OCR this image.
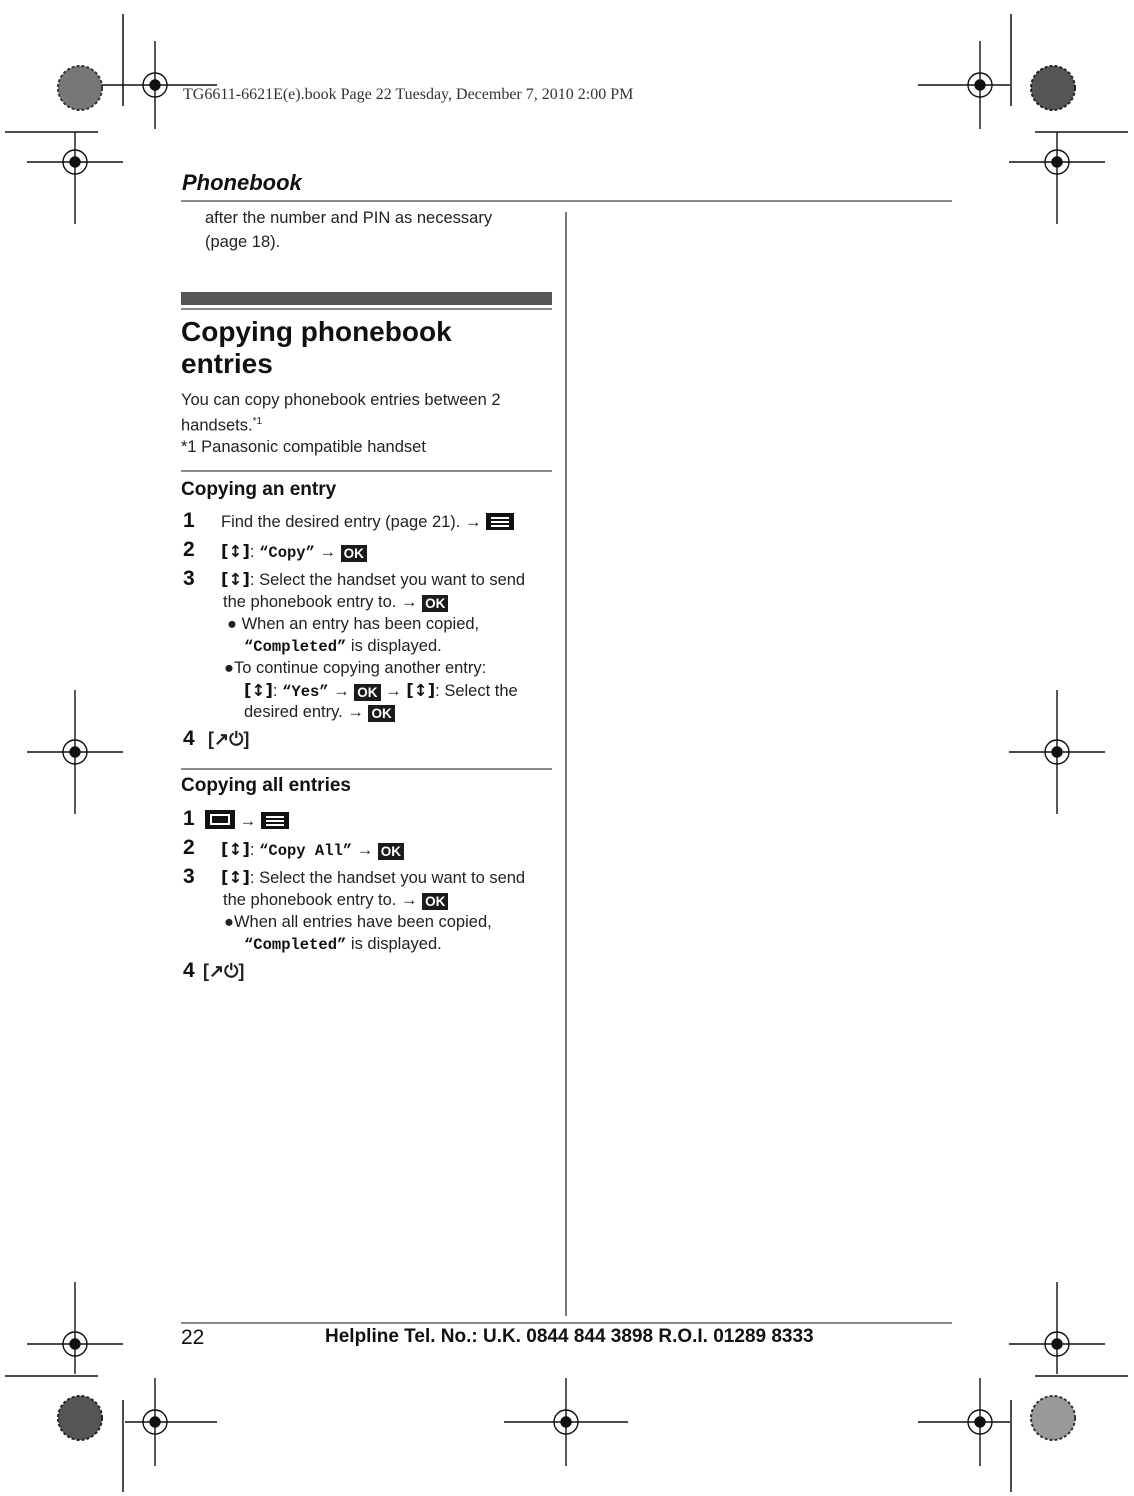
TG6611-6621E(e).book Page 22 Tuesday, December 7, 2010 2:00 PM
Phonebook
after the number and PIN as necessary
(page 18).
Copying phonebook
entries
You can copy phonebook entries between 2
handsets.$^{*1}$
*1 Panasonic compatible handset
Copying an entry
1 Find the desired entry (page 21). →
2 [↕]: “Copy” → OK
3 [↕]: Select the handset you want to send
the phonebook entry to. → OK
● When an entry has been copied,
“Completed” is displayed.
●To continue copying another entry:
[↕]: “Yes” → OK → [↕]: Select the
desired entry. → OK
4 [↗⏻]
Copying all entries
1	→
2 [↕]: “Copy All” → OK
3 [↕]: Select the handset you want to send
the phonebook entry to. → OK
●When all entries have been copied,
“Completed” is displayed.
4 [↗⏻]
22	Helpline Tel. No.: U.K. 0844 844 3898 R.O.I. 01289 8333
